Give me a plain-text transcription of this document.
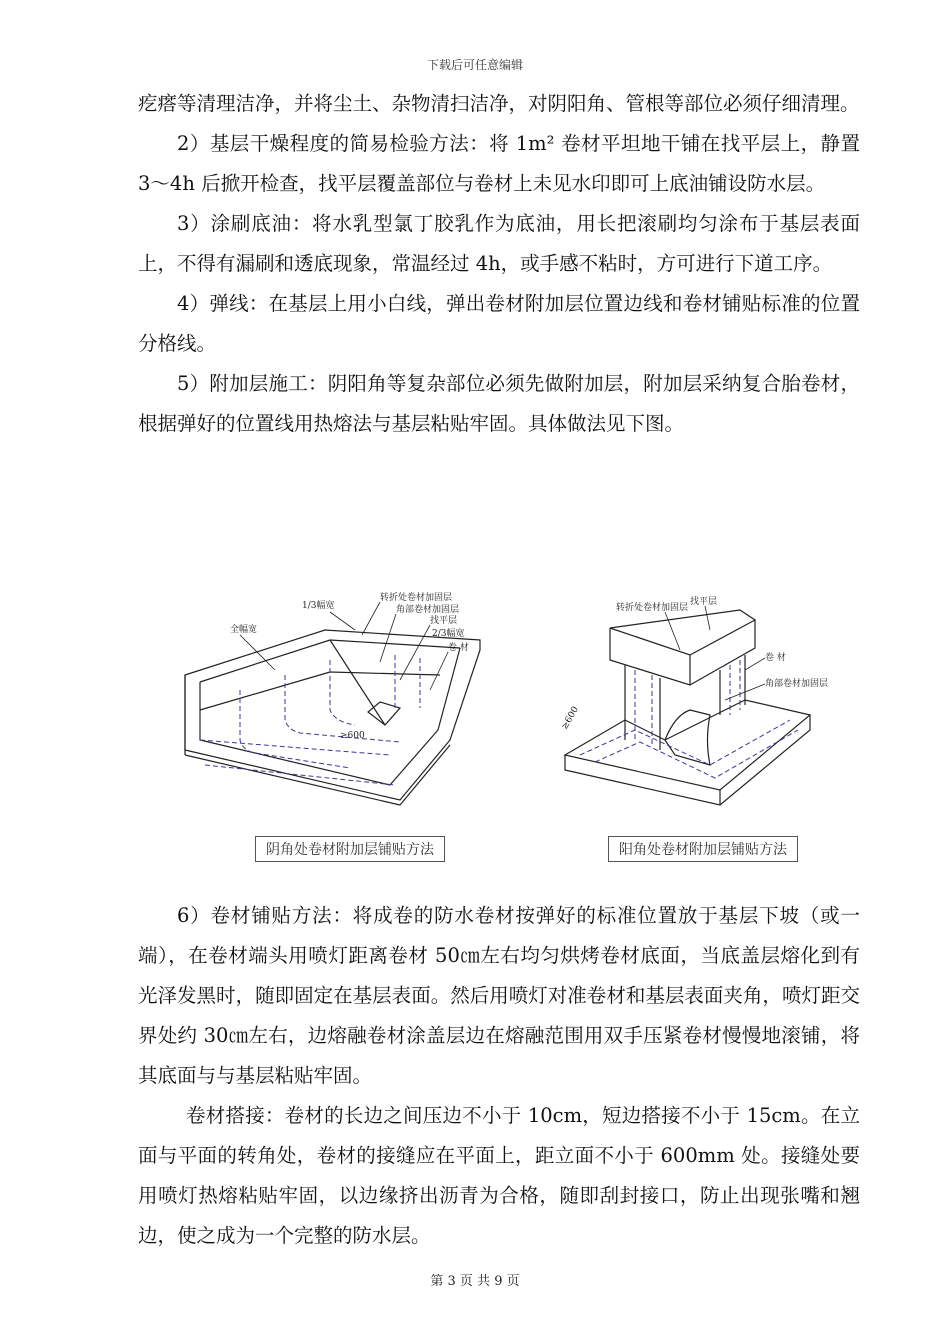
下载后可任意编辑

疙瘩等清理洁净，并将尘土、杂物清扫洁净，对阴阳角、管根等部位必须仔细清理。

2）基层干燥程度的简易检验方法：将 1m² 卷材平坦地干铺在找平层上，静置 3～4h 后掀开检查，找平层覆盖部位与卷材上未见水印即可上底油铺设防水层。

3）涂刷底油：将水乳型氯丁胶乳作为底油，用长把滚刷均匀涂布于基层表面上，不得有漏刷和透底现象，常温经过 4h，或手感不粘时，方可进行下道工序。

4）弹线：在基层上用小白线，弹出卷材附加层位置边线和卷材铺贴标准的位置分格线。

5）附加层施工：阴阳角等复杂部位必须先做附加层，附加层采纳复合胎卷材，根据弹好的位置线用热熔法与基层粘贴牢固。具体做法见下图。

1/3幅宽
转折处卷材加固层
角部卷材加固层
找平层
2/3幅宽
全幅宽
卷 材
≥600
阴角处卷材附加层铺贴方法
转折处卷材加固层
找平层
卷 材
角部卷材加固层
≥600
阳角处卷材附加层铺贴方法

6）卷材铺贴方法：将成卷的防水卷材按弹好的标准位置放于基层下坡（或一端），在卷材端头用喷灯距离卷材 50㎝左右均匀烘烤卷材底面，当底盖层熔化到有光泽发黑时，随即固定在基层表面。然后用喷灯对准卷材和基层表面夹角，喷灯距交界处约 30㎝左右，边熔融卷材涂盖层边在熔融范围用双手压紧卷材慢慢地滚铺，将其底面与与基层粘贴牢固。

卷材搭接：卷材的长边之间压边不小于 10cm，短边搭接不小于 15cm。在立面与平面的转角处，卷材的接缝应在平面上，距立面不小于 600mm 处。接缝处要用喷灯热熔粘贴牢固，以边缘挤出沥青为合格，随即刮封接口，防止出现张嘴和翘边，使之成为一个完整的防水层。

第 3 页 共 9 页
